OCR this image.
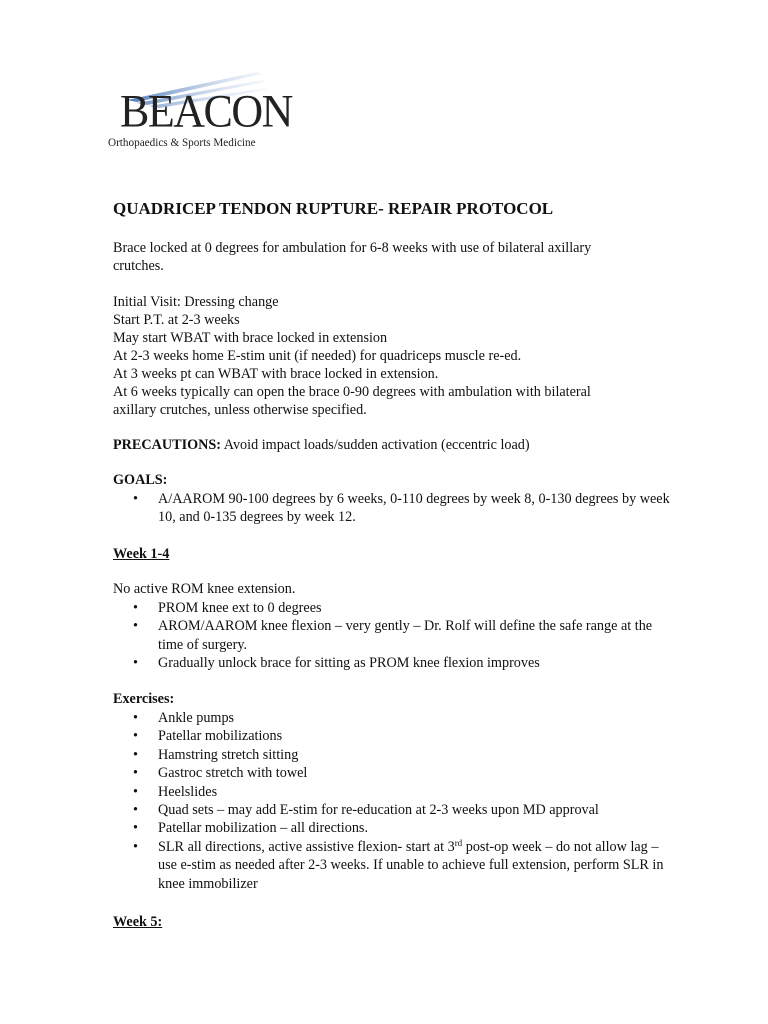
BEACON
Orthopaedics & Sports Medicine
QUADRICEP TENDON RUPTURE- REPAIR PROTOCOL
Brace locked at 0 degrees for ambulation for 6-8 weeks with use of bilateral axillary
crutches.
Initial Visit: Dressing change
Start P.T. at 2-3 weeks
May start WBAT with brace locked in extension
At 2-3 weeks home E-stim unit (if needed) for quadriceps muscle re-ed.
At 3 weeks pt can WBAT with brace locked in extension.
At 6 weeks typically can open the brace 0-90 degrees with ambulation with bilateral
axillary crutches, unless otherwise specified.
PRECAUTIONS: Avoid impact loads/sudden activation (eccentric load)
GOALS:
• A/AAROM 90-100 degrees by 6 weeks, 0-110 degrees by week 8, 0-130 degrees by week 10, and 0-135 degrees by week 12.
Week 1-4
No active ROM knee extension.
• PROM knee ext to 0 degrees
• AROM/AAROM knee flexion – very gently – Dr. Rolf will define the safe range at the time of surgery.
• Gradually unlock brace for sitting as PROM knee flexion improves
Exercises:
• Ankle pumps
• Patellar mobilizations
• Hamstring stretch sitting
• Gastroc stretch with towel
• Heelslides
• Quad sets – may add E-stim for re-education at 2-3 weeks upon MD approval
• Patellar mobilization – all directions.
• SLR all directions, active assistive flexion- start at 3rd post-op week – do not allow lag – use e-stim as needed after 2-3 weeks. If unable to achieve full extension, perform SLR in knee immobilizer
Week 5:
